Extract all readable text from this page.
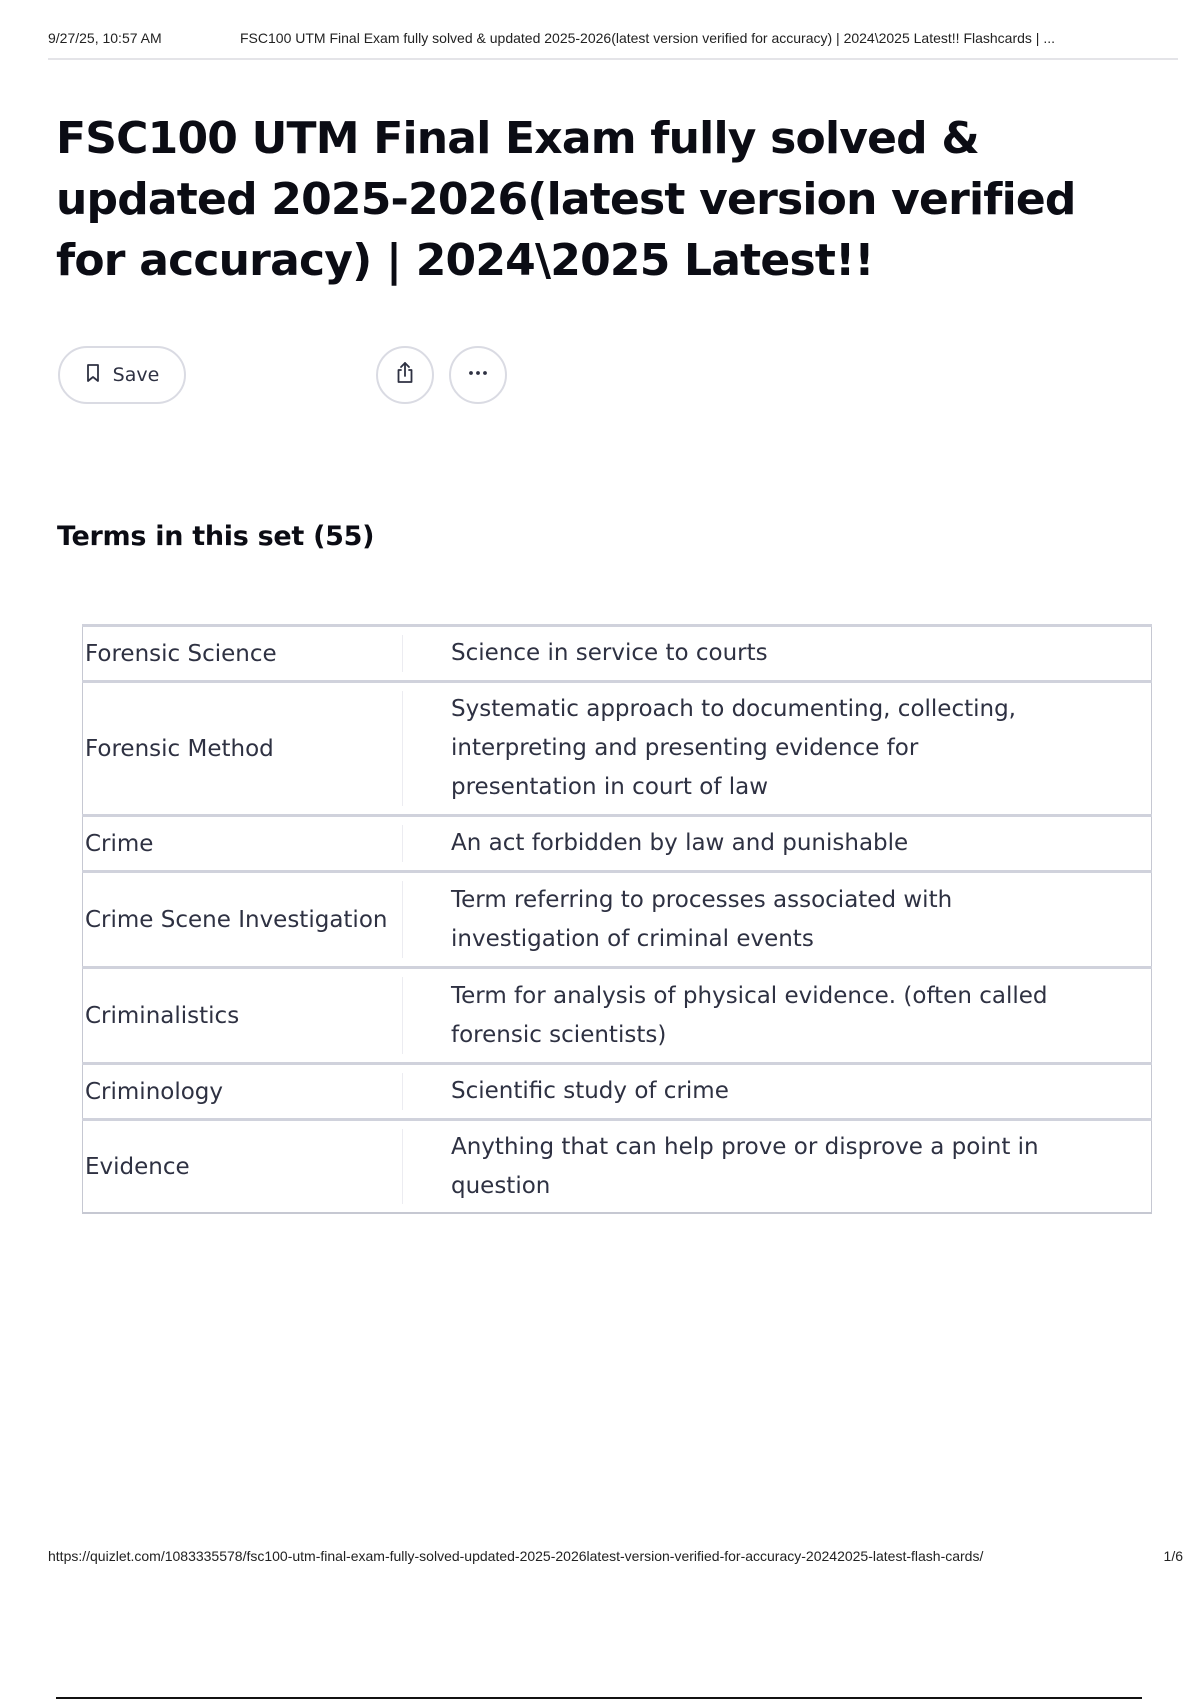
9/27/25, 10:57 AM	FSC100 UTM Final Exam fully solved & updated 2025-2026(latest version verified for accuracy) | 2024\2025 Latest!! Flashcards | ...
FSC100 UTM Final Exam fully solved & updated 2025-2026(latest version verified for accuracy) | 2024\2025 Latest!!
Save
Terms in this set (55)
Forensic Science	Science in service to courts
Forensic Method	Systematic approach to documenting, collecting, interpreting and presenting evidence for presentation in court of law
Crime	An act forbidden by law and punishable
Crime Scene Investigation	Term referring to processes associated with investigation of criminal events
Criminalistics	Term for analysis of physical evidence. (often called forensic scientists)
Criminology	Scientific study of crime
Evidence	Anything that can help prove or disprove a point in question
https://quizlet.com/1083335578/fsc100-utm-final-exam-fully-solved-updated-2025-2026latest-version-verified-for-accuracy-20242025-latest-flash-cards/	1/6
